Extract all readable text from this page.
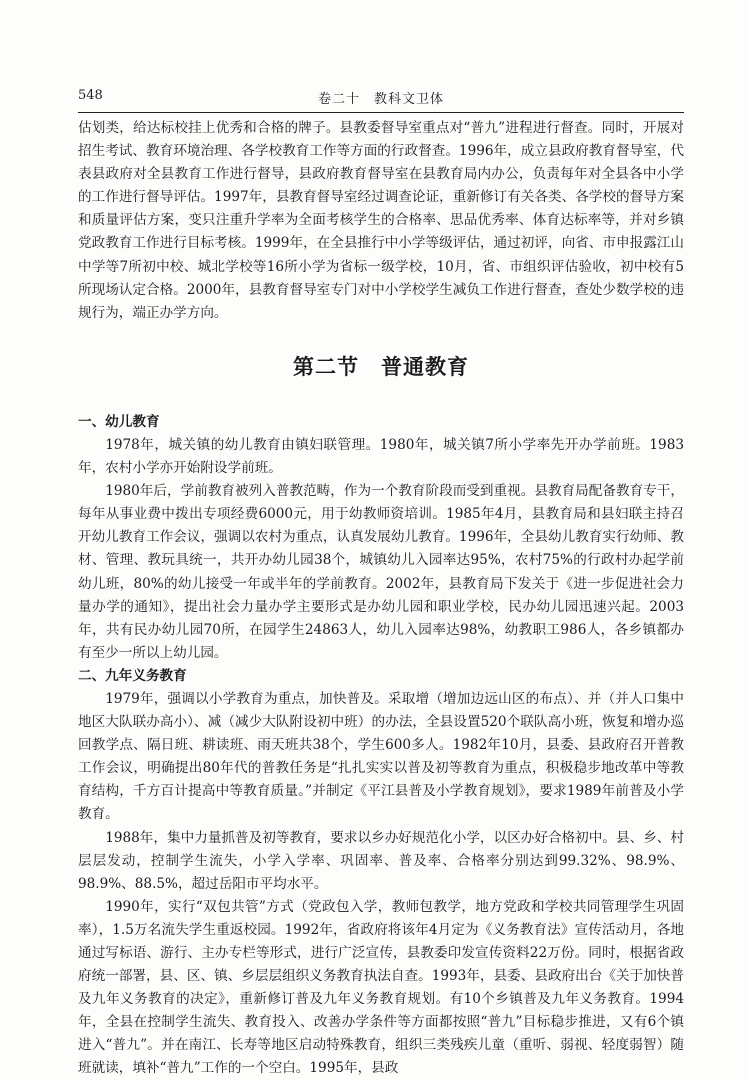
548	卷二十　教科文卫体

估划类，给达标校挂上优秀和合格的牌子。县教委督导室重点对“普九”进程进行督查。同时，开展对招生考试、教育环境治理、各学校教育工作等方面的行政督查。1996年，成立县政府教育督导室，代表县政府对全县教育工作进行督导，县政府教育督导室在县教育局内办公，负责每年对全县各中小学的工作进行督导评估。1997年，县教育督导室经过调查论证，重新修订有关各类、各学校的督导方案和质量评估方案，变只注重升学率为全面考核学生的合格率、思品优秀率、体育达标率等，并对乡镇党政教育工作进行目标考核。1999年，在全县推行中小学等级评估，通过初评，向省、市申报露江山中学等7所初中校、城北学校等16所小学为省标一级学校，10月，省、市组织评估验收，初中校有5所现场认定合格。2000年，县教育督导室专门对中小学校学生减负工作进行督查，查处少数学校的违规行为，端正办学方向。

第二节　普通教育
一、幼儿教育

1978年，城关镇的幼儿教育由镇妇联管理。1980年，城关镇7所小学率先开办学前班。1983年，农村小学亦开始附设学前班。

1980年后，学前教育被列入普教范畴，作为一个教育阶段而受到重视。县教育局配备教育专干，每年从事业费中拨出专项经费6000元，用于幼教师资培训。1985年4月，县教育局和县妇联主持召开幼儿教育工作会议，强调以农村为重点，认真发展幼儿教育。1996年，全县幼儿教育实行幼师、教材、管理、教玩具统一，共开办幼儿园38个，城镇幼儿入园率达95%，农村75%的行政村办起学前幼儿班，80%的幼儿接受一年或半年的学前教育。2002年，县教育局下发关于《进一步促进社会力量办学的通知》，提出社会力量办学主要形式是办幼儿园和职业学校，民办幼儿园迅速兴起。2003年，共有民办幼儿园70所，在园学生24863人，幼儿入园率达98%，幼教职工986人，各乡镇都办有至少一所以上幼儿园。

二、九年义务教育

1979年，强调以小学教育为重点，加快普及。采取增（增加边远山区的布点）、并（并人口集中地区大队联办高小）、减（减少大队附设初中班）的办法，全县设置520个联队高小班，恢复和增办巡回教学点、隔日班、耕读班、雨天班共38个，学生600多人。1982年10月，县委、县政府召开普教工作会议，明确提出80年代的普教任务是“扎扎实实以普及初等教育为重点，积极稳步地改革中等教育结构，千方百计提高中等教育质量。”并制定《平江县普及小学教育规划》，要求1989年前普及小学教育。

1988年，集中力量抓普及初等教育，要求以乡办好规范化小学，以区办好合格初中。县、乡、村层层发动，控制学生流失，小学入学率、巩固率、普及率、合格率分别达到99.32%、98.9%、98.9%、88.5%，超过岳阳市平均水平。

1990年，实行“双包共管”方式（党政包入学，教师包教学，地方党政和学校共同管理学生巩固率），1.5万名流失学生重返校园。1992年，省政府将该年4月定为《义务教育法》宣传活动月，各地通过写标语、游行、主办专栏等形式，进行广泛宣传，县教委印发宣传资料22万份。同时，根据省政府统一部署，县、区、镇、乡层层组织义务教育执法自查。1993年，县委、县政府出台《关于加快普及九年义务教育的决定》，重新修订普及九年义务教育规划。有10个乡镇普及九年义务教育。1994年，全县在控制学生流失、教育投入、改善办学条件等方面都按照“普九”目标稳步推进，又有6个镇进入“普九”。并在南江、长寿等地区启动特殊教育，组织三类残疾儿童（重听、弱视、轻度弱智）随班就读，填补“普九”工作的一个空白。1995年，县政
